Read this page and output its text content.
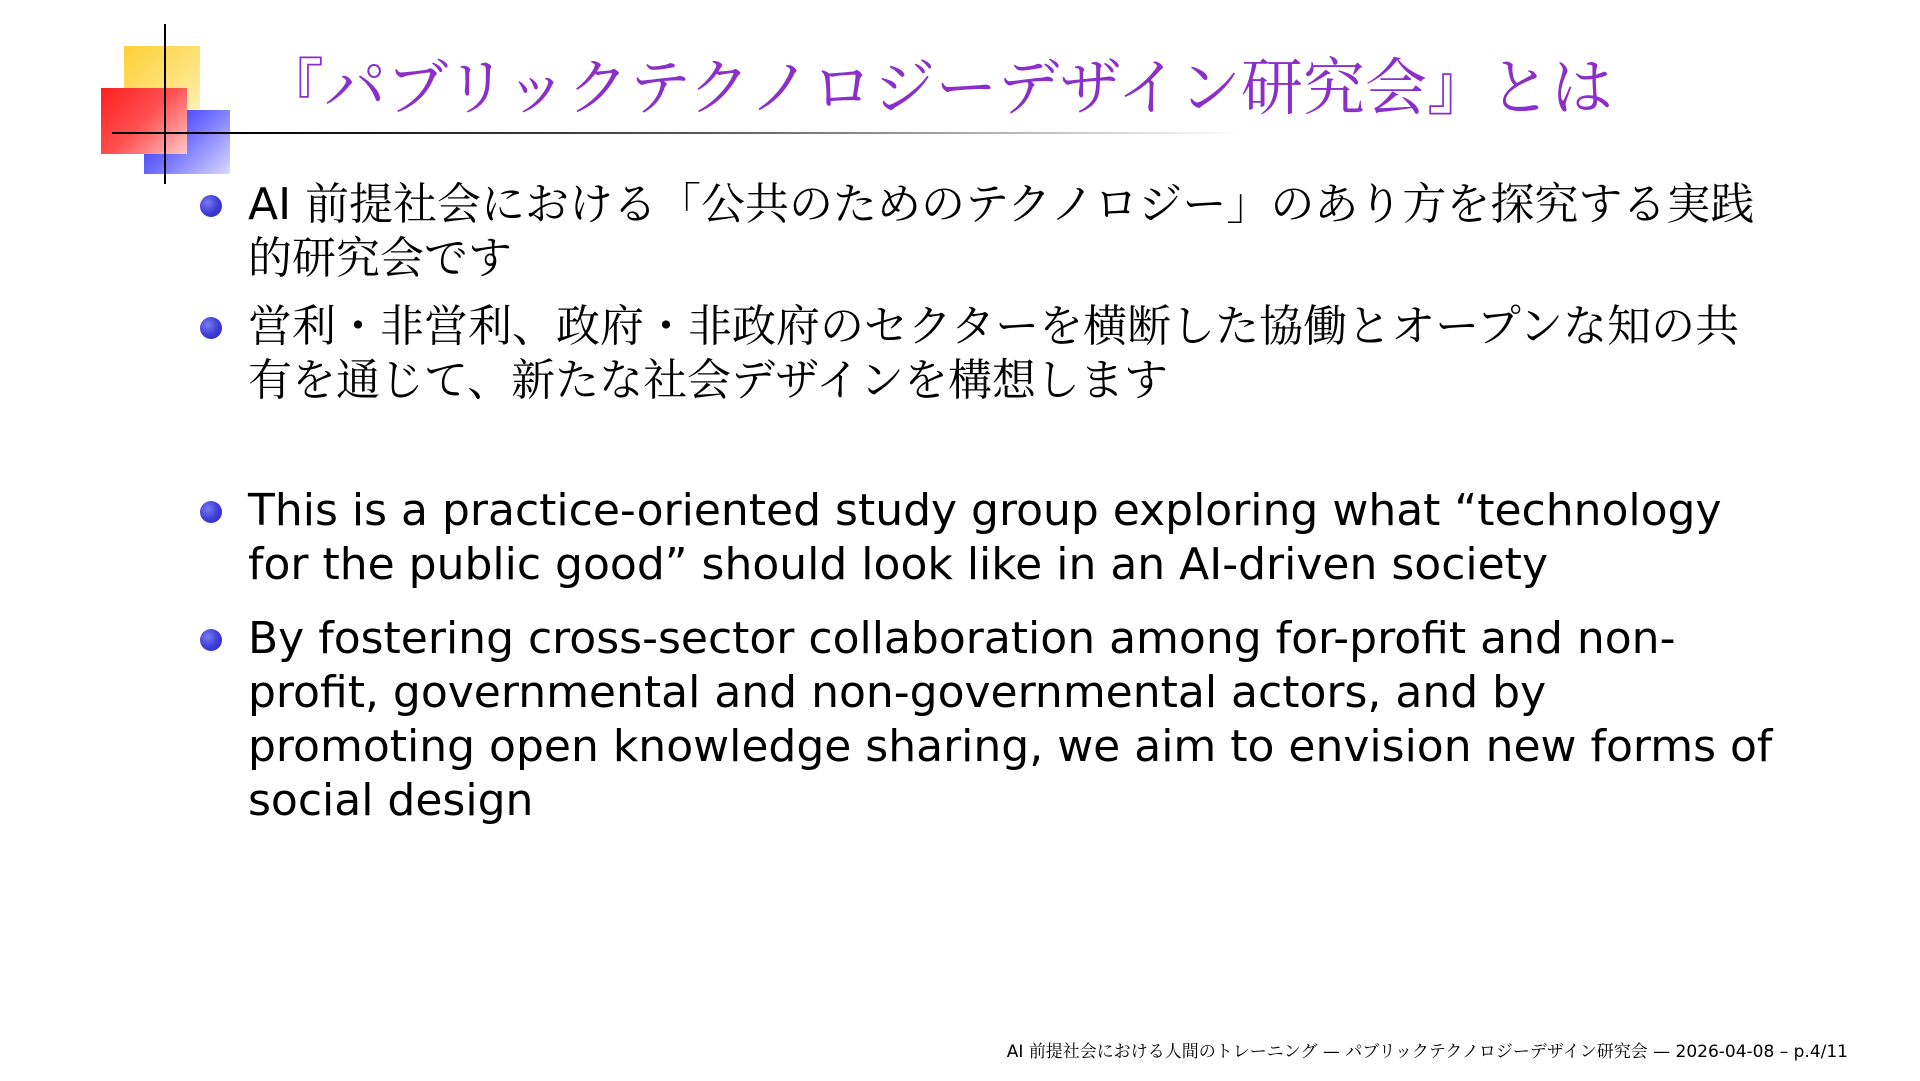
『パブリックテクノロジーデザイン研究会』とは
AI 前提社会における「公共のためのテクノロジー」のあり方を探究する実践的研究会です
営利・非営利、政府・非政府のセクターを横断した協働とオープンな知の共有を通じて、新たな社会デザインを構想します
This is a practice-oriented study group exploring what “technology for the public good” should look like in an AI-driven society
By fostering cross-sector collaboration among for-profit and non-profit, governmental and non-governmental actors, and by promoting open knowledge sharing, we aim to envision new forms of social design
AI 前提社会における人間のトレーニング — パブリックテクノロジーデザイン研究会 — 2026-04-08 – p.4/11
